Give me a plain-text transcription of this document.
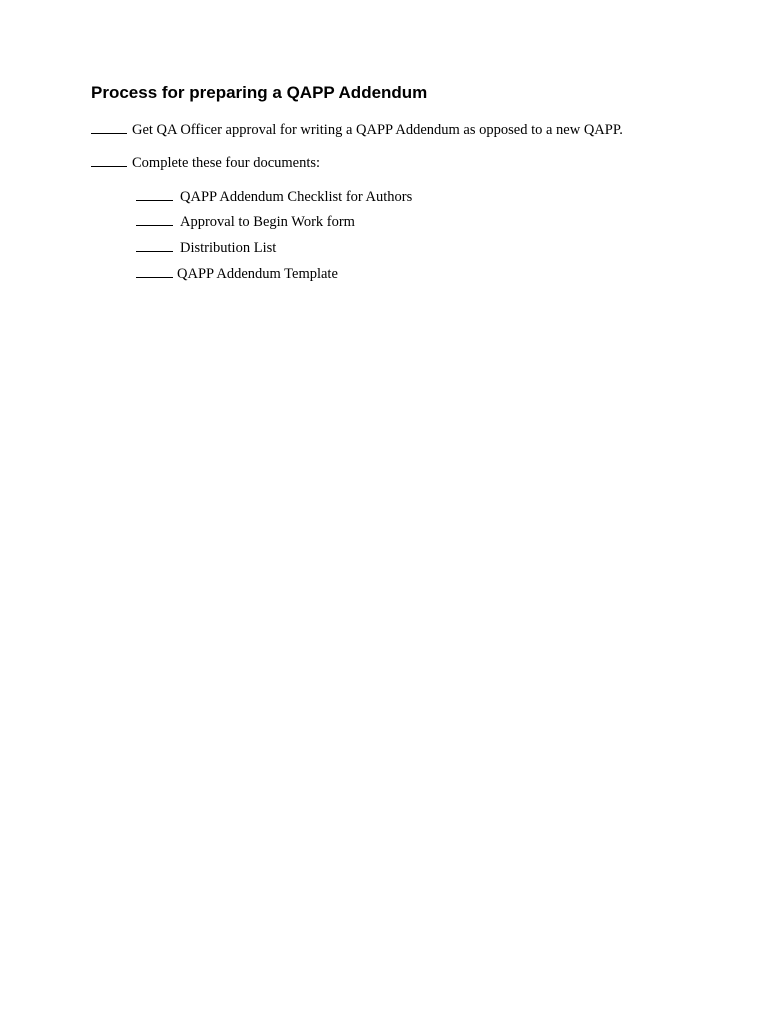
Process for preparing a QAPP Addendum
Get QA Officer approval for writing a QAPP Addendum as opposed to a new QAPP.
Complete these four documents:
QAPP Addendum Checklist for Authors
Approval to Begin Work form
Distribution List
QAPP Addendum Template
